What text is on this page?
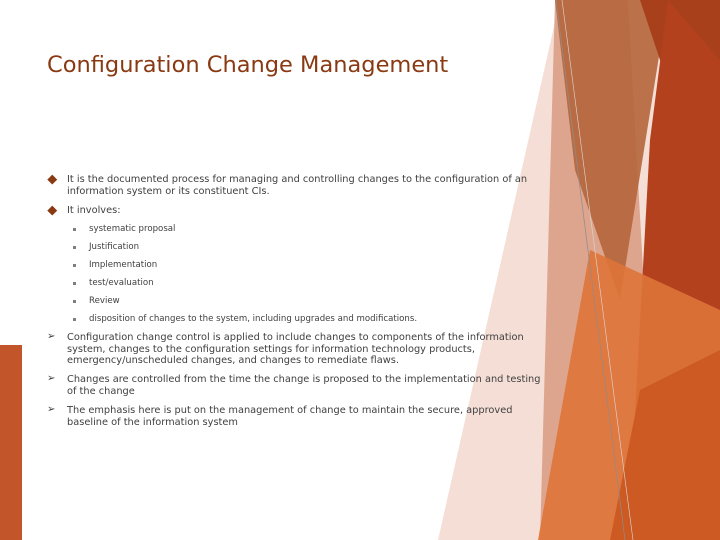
Configuration Change Management
It is the documented process for managing and controlling changes to the configuration of an information system or its constituent CIs.
It involves:
systematic proposal
Justification
Implementation
test/evaluation
Review
disposition of changes to the system, including upgrades and modifications.
➢ Configuration change control is applied to include changes to components of the information system, changes to the configuration settings for information technology products, emergency/unscheduled changes, and changes to remediate flaws.
➢ Changes are controlled from the time the change is proposed to the implementation and testing of the change
➢ The emphasis here is put on the management of change to maintain the secure, approved baseline of the information system
